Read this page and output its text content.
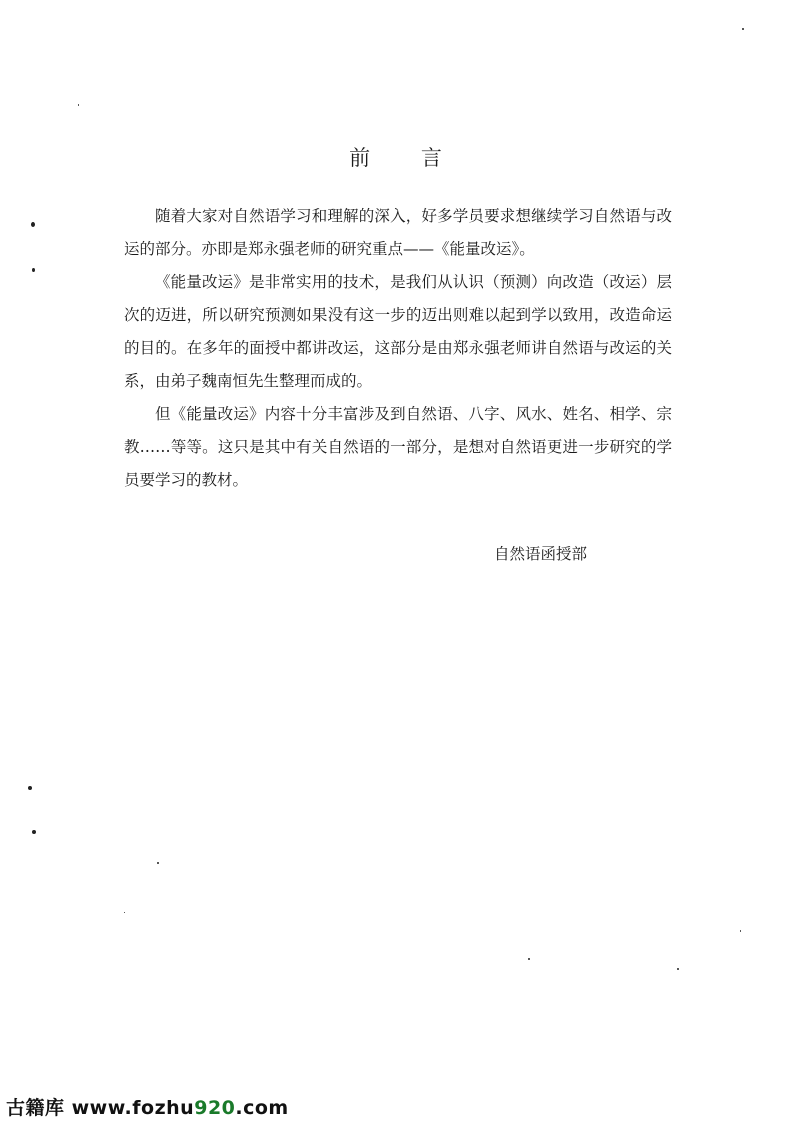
前 言

随着大家对自然语学习和理解的深入，好多学员要求想继续学习自然语与改运的部分。亦即是郑永强老师的研究重点——《能量改运》。

《能量改运》是非常实用的技术，是我们从认识（预测）向改造（改运）层次的迈进，所以研究预测如果没有这一步的迈出则难以起到学以致用，改造命运的目的。在多年的面授中都讲改运，这部分是由郑永强老师讲自然语与改运的关系，由弟子魏南恒先生整理而成的。

但《能量改运》内容十分丰富涉及到自然语、八字、风水、姓名、相学、宗教……等等。这只是其中有关自然语的一部分，是想对自然语更进一步研究的学员要学习的教材。

自然语函授部

古籍库 www.fozhu920.com
